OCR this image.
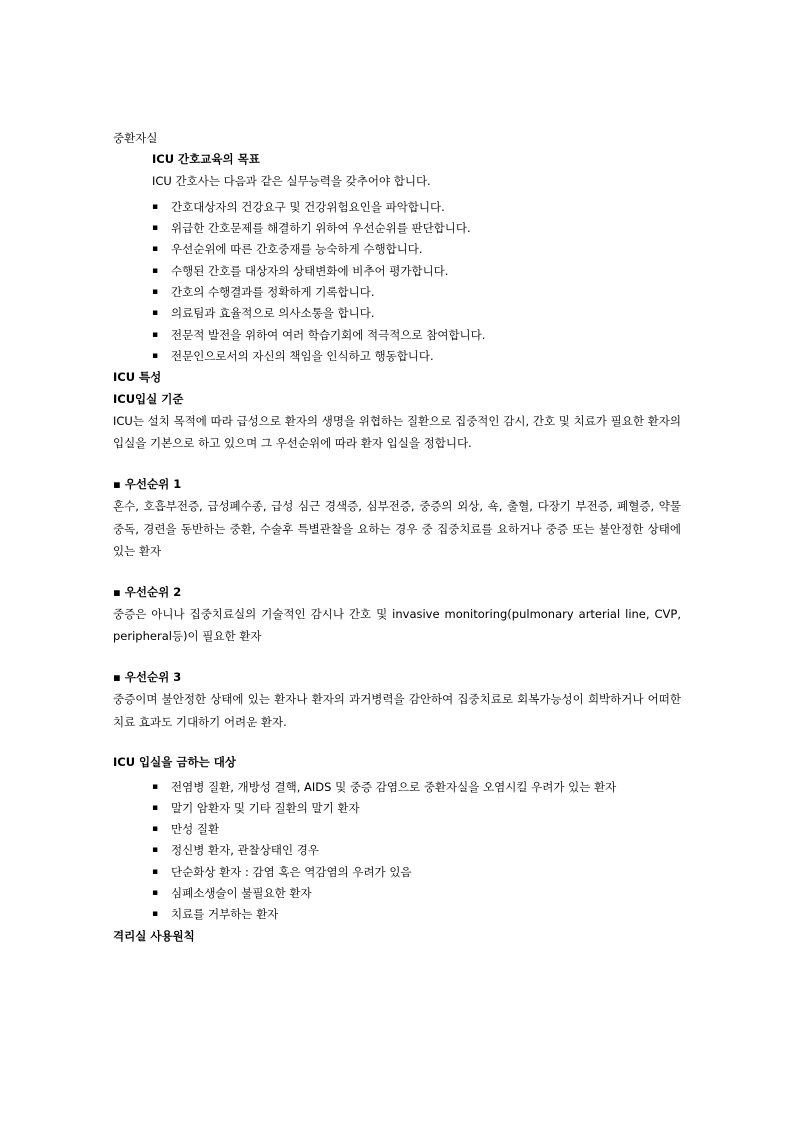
중환자실
ICU 간호교육의 목표
ICU 간호사는 다음과 같은 실무능력을 갖추어야 합니다.
▪ 간호대상자의 건강요구 및 건강위험요인을 파악합니다.
▪ 위급한 간호문제를 해결하기 위하여 우선순위를 판단합니다.
▪ 우선순위에 따른 간호중재를 능숙하게 수행합니다.
▪ 수행된 간호를 대상자의 상태변화에 비추어 평가합니다.
▪ 간호의 수행결과를 정확하게 기록합니다.
▪ 의료팀과 효율적으로 의사소통을 합니다.
▪ 전문적 발전을 위하여 여러 학습기회에 적극적으로 참여합니다.
▪ 전문인으로서의 자신의 책임을 인식하고 행동합니다.
ICU 특성
ICU입실 기준
ICU는 설치 목적에 따라 급성으로 환자의 생명을 위협하는 질환으로 집중적인 감시, 간호 및 치료가 필요한 환자의 입실을 기본으로 하고 있으며 그 우선순위에 따라 환자 입실을 정합니다.
▪ 우선순위 1
혼수, 호흡부전증, 급성폐수종, 급성 심근 경색증, 심부전증, 중증의 외상, 쇽, 출혈, 다장기 부전증, 폐혈증, 약물 중독, 경련을 동반하는 중환, 수술후 특별관찰을 요하는 경우 중 집중치료를 요하거나 중증 또는 불안정한 상태에 있는 환자
▪ 우선순위 2
중증은 아니나 집중치료실의 기술적인 감시나 간호 및 invasive monitoring(pulmonary arterial line, CVP, peripheral등)이 필요한 환자
▪ 우선순위 3
중증이며 불안정한 상태에 있는 환자나 환자의 과거병력을 감안하여 집중치료로 회복가능성이 희박하거나 어떠한 치료 효과도 기대하기 어려운 환자.
ICU 입실을 금하는 대상
▪ 전염병 질환, 개방성 결핵, AIDS 및 중증 감염으로 중환자실을 오염시킬 우려가 있는 환자
▪ 말기 암환자 및 기타 질환의 말기 환자
▪ 만성 질환
▪ 정신병 환자, 관찰상태인 경우
▪ 단순화상 환자 : 감염 혹은 역감염의 우려가 있음
▪ 심폐소생술이 불필요한 환자
▪ 치료를 거부하는 환자
격리실 사용원칙
